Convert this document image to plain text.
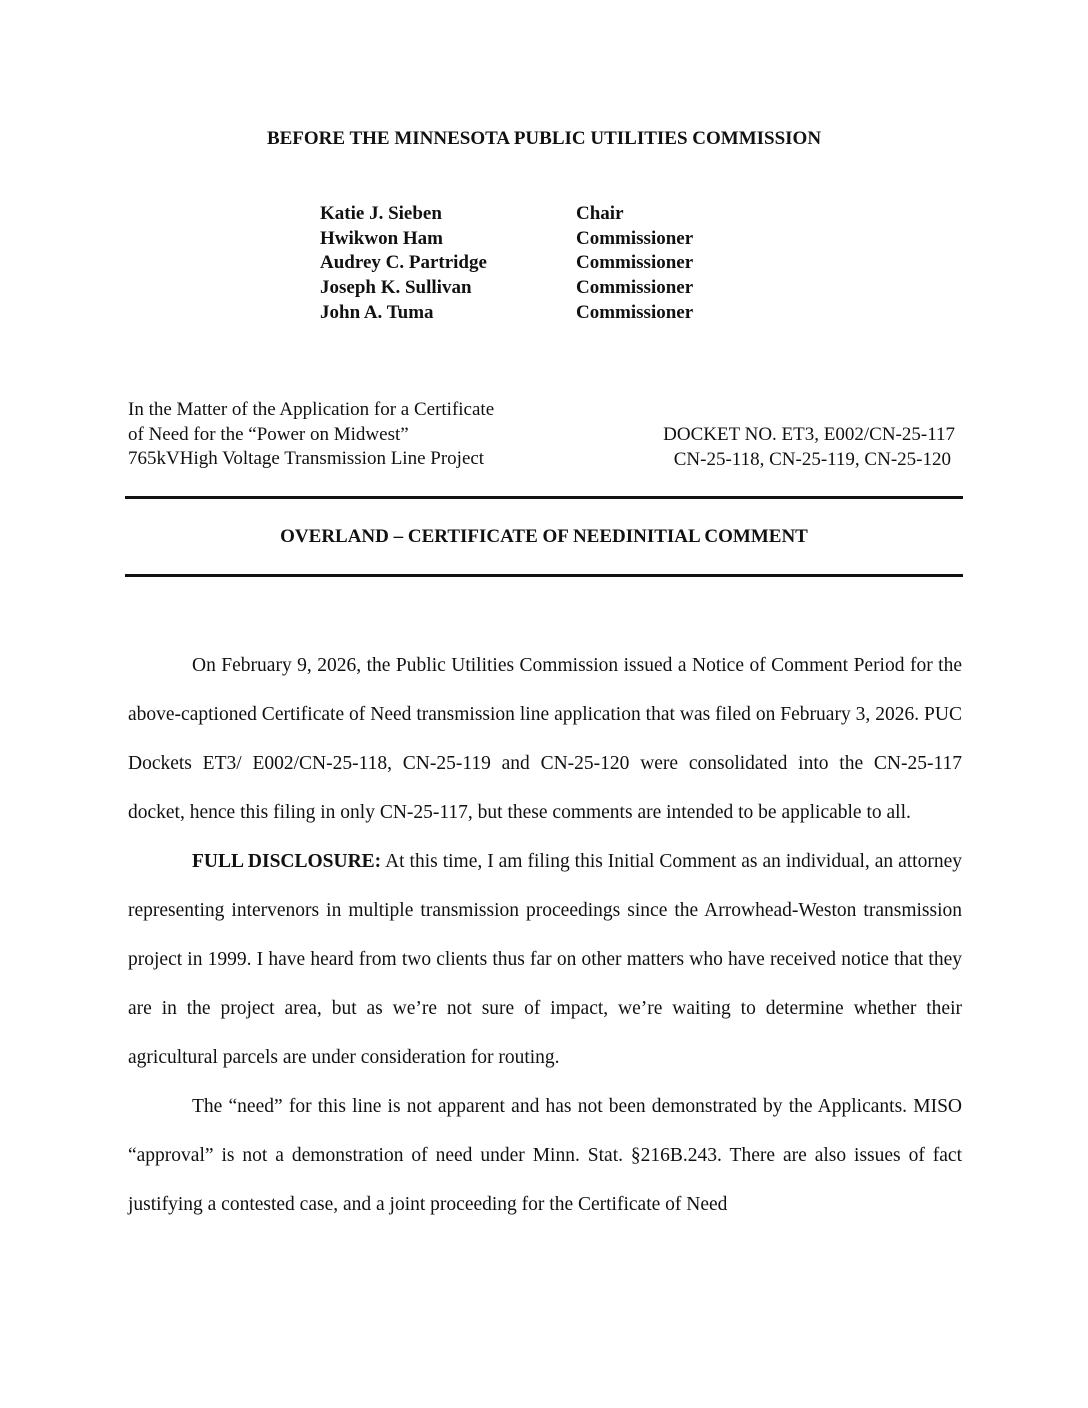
BEFORE THE MINNESOTA PUBLIC UTILITIES COMMISSION
Katie J. Sieben	Chair
Hwikwon Ham	Commissioner
Audrey C. Partridge	Commissioner
Joseph K. Sullivan	Commissioner
John A. Tuma	Commissioner
In the Matter of the Application for a Certificate
of Need for the “Power on Midwest”
765kVHigh Voltage Transmission Line Project
DOCKET NO. ET3, E002/CN-25-117
CN-25-118, CN-25-119, CN-25-120
OVERLAND – CERTIFICATE OF NEEDINITIAL COMMENT

On February 9, 2026, the Public Utilities Commission issued a Notice of Comment Period for the above-captioned Certificate of Need transmission line application that was filed on February 3, 2026. PUC Dockets ET3/ E002/CN-25-118, CN-25-119 and CN-25-120 were consolidated into the CN-25-117 docket, hence this filing in only CN-25-117, but these comments are intended to be applicable to all.

FULL DISCLOSURE: At this time, I am filing this Initial Comment as an individual, an attorney representing intervenors in multiple transmission proceedings since the Arrowhead-Weston transmission project in 1999. I have heard from two clients thus far on other matters who have received notice that they are in the project area, but as we’re not sure of impact, we’re waiting to determine whether their agricultural parcels are under consideration for routing.

The “need” for this line is not apparent and has not been demonstrated by the Applicants. MISO “approval” is not a demonstration of need under Minn. Stat. §216B.243. There are also issues of fact justifying a contested case, and a joint proceeding for the Certificate of Need
